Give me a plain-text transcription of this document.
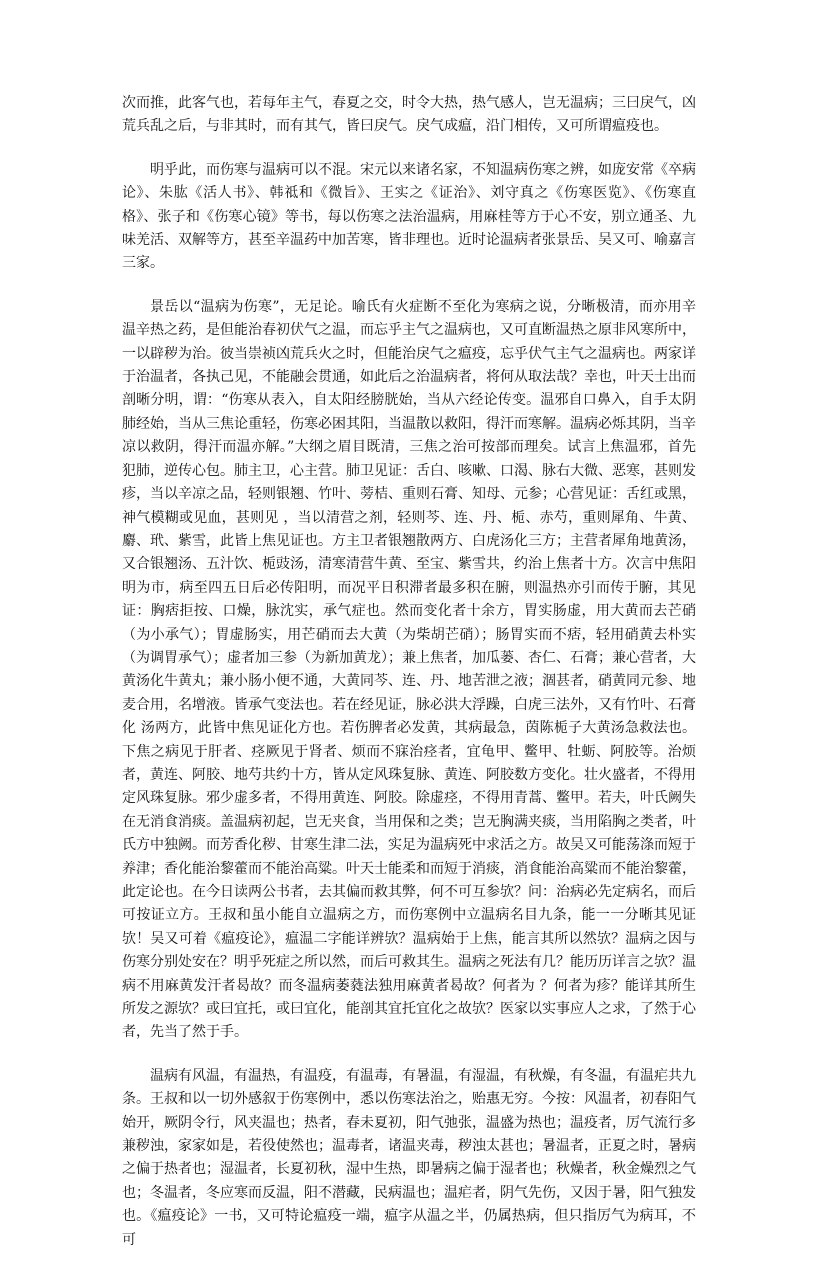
次而推，此客气也，若每年主气，春夏之交，时令大热，热气感人，岂无温病；三曰戾气，凶荒兵乱之后，与非其时，而有其气，皆曰戾气。戾气成瘟，沿门相传，又可所谓瘟疫也。

明乎此，而伤寒与温病可以不混。宋元以来诸名家，不知温病伤寒之辨，如庞安常《卒病论》、朱肱《活人书》、韩祗和《微旨》、王实之《证治》、刘守真之《伤寒医览》、《伤寒直格》、张子和《伤寒心镜》等书，每以伤寒之法治温病，用麻桂等方于心不安，别立通圣、九味羌活、双解等方，甚至辛温药中加苦寒，皆非理也。近时论温病者张景岳、吴又可、喻嘉言三家。

景岳以“温病为伤寒”，无足论。喻氏有火症断不至化为寒病之说，分晰极清，而亦用辛温辛热之药，是但能治春初伏气之温，而忘乎主气之温病也，又可直断温热之原非风寒所中，一以辟秽为治。彼当崇祯凶荒兵火之时，但能治戾气之瘟疫，忘乎伏气主气之温病也。两家详于治温者，各执己见，不能融会贯通，如此后之治温病者，将何从取法哉？幸也，叶天士出而剖晰分明，谓：“伤寒从表入，自太阳经膀胱始，当从六经论传变。温邪自口鼻入，自手太阴肺经始，当从三焦论重轻，伤寒必困其阳，当温散以救阳，得汗而寒解。温病必烁其阴，当辛凉以救阴，得汗而温亦解。”大纲之眉目既清，三焦之治可按部而理矣。试言上焦温邪，首先犯肺，逆传心包。肺主卫，心主营。肺卫见证：舌白、咳嗽、口渴、脉右大微、恶寒，甚则发疹，当以辛凉之品，轻则银翘、竹叶、蒡桔、重则石膏、知母、元参；心营见证：舌红或黑，神气模糊或见血，甚则见 ，当以清营之剂，轻则芩、连、丹、栀、赤芍，重则犀角、牛黄、麝、玳、紫雪，此皆上焦见证也。方主卫者银翘散两方、白虎汤化三方；主营者犀角地黄汤，又合银翘汤、五汁饮、栀豉汤，清寒清营牛黄、至宝、紫雪共，约治上焦者十方。次言中焦阳明为市，病至四五日后必传阳明，而况平日积滞者最多积在腑，则温热亦引而传于腑，其见证：胸痞拒按、口燥，脉沈实，承气症也。然而变化者十余方，胃实肠虚，用大黄而去芒硝（为小承气）；胃虚肠实，用芒硝而去大黄（为柴胡芒硝）；肠胃实而不痞，轻用硝黄去朴实（为调胃承气）；虚者加三参（为新加黄龙）；兼上焦者，加瓜蒌、杏仁、石膏；兼心营者，大黄汤化牛黄丸；兼小肠小便不通，大黄同芩、连、丹、地苦泄之液；涸甚者，硝黄同元参、地麦合用，名增液。皆承气变法也。若在经见证，脉必洪大浮躁，白虎三法外，又有竹叶、石膏化 汤两方，此皆中焦见证化方也。若伤脾者必发黄，其病最急，茵陈栀子大黄汤急救法也。下焦之病见于肝者、痉厥见于肾者、烦而不寐治痉者，宜龟甲、鳖甲、牡蛎、阿胶等。治烦者，黄连、阿胶、地芍共约十方，皆从定风珠复脉、黄连、阿胶数方变化。壮火盛者，不得用定风珠复脉。邪少虚多者，不得用黄连、阿胶。除虚痉，不得用青蒿、鳖甲。若夫，叶氏阙失在无消食消痰。盖温病初起，岂无夹食，当用保和之类；岂无胸满夹痰，当用陷胸之类者，叶氏方中独阙。而芳香化秽、甘寒生津二法，实足为温病死中求活之方。故吴又可能荡涤而短于养津；香化能治黎藿而不能治高粱。叶天士能柔和而短于消痰，消食能治高粱而不能治黎藿，此定论也。在今日读两公书者，去其偏而救其弊，何不可互参欤？问：治病必先定病名，而后可按证立方。王叔和虽小能自立温病之方，而伤寒例中立温病名目九条，能一一分晰其见证欤！吴又可着《瘟疫论》，瘟温二字能详辨欤？温病始于上焦，能言其所以然欤？温病之因与伤寒分别处安在？明乎死症之所以然，而后可救其生。温病之死法有几？能历历详言之欤？温病不用麻黄发汗者曷故？而冬温病萎蕤法独用麻黄者曷故？何者为 ？何者为疹？能详其所生所发之源欤？或曰宜托，或曰宜化，能剖其宜托宜化之故欤？医家以实事应人之求，了然于心者，先当了然于手。

温病有风温，有温热，有温疫，有温毒，有暑温，有湿温，有秋燥，有冬温，有温疟共九条。王叔和以一切外感叙于伤寒例中，悉以伤寒法治之，贻惠无穷。今按：风温者，初春阳气始开，厥阴令行，风夹温也；热者，春未夏初，阳气弛张，温盛为热也；温疫者，厉气流行多兼秽浊，家家如是，若役使然也；温毒者，诸温夹毒，秽浊太甚也；暑温者，正夏之时，暑病之偏于热者也；湿温者，长夏初秋，湿中生热，即暑病之偏于湿者也；秋燥者，秋金燥烈之气也；冬温者，冬应寒而反温，阳不潜藏，民病温也；温疟者，阴气先伤，又因于暑，阳气独发也。《瘟疫论》一书，又可特论瘟疫一端，瘟字从温之半，仍属热病，但只指厉气为病耳，不可
